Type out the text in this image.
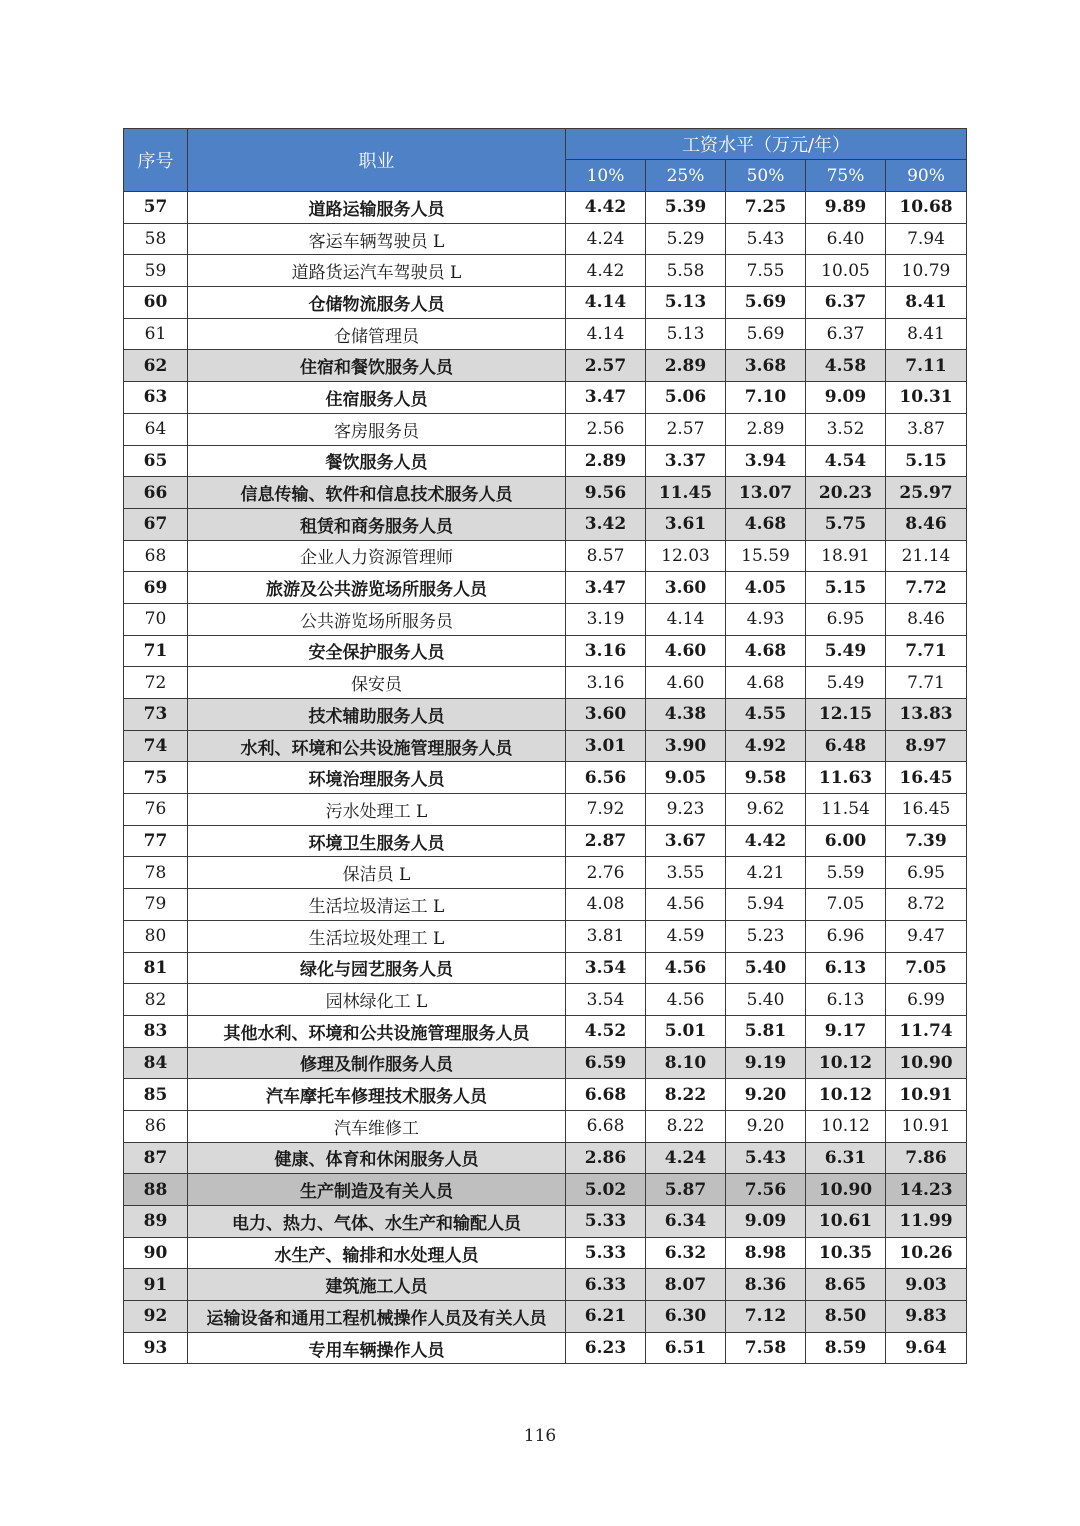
序号	职业	工资水平（万元/年）				
		10%	25%	50%	75%	90%
57	道路运输服务人员	4.42	5.39	7.25	9.89	10.68
58	客运车辆驾驶员 L	4.24	5.29	5.43	6.40	7.94
59	道路货运汽车驾驶员 L	4.42	5.58	7.55	10.05	10.79
60	仓储物流服务人员	4.14	5.13	5.69	6.37	8.41
61	仓储管理员	4.14	5.13	5.69	6.37	8.41
62	住宿和餐饮服务人员	2.57	2.89	3.68	4.58	7.11
63	住宿服务人员	3.47	5.06	7.10	9.09	10.31
64	客房服务员	2.56	2.57	2.89	3.52	3.87
65	餐饮服务人员	2.89	3.37	3.94	4.54	5.15
66	信息传输、软件和信息技术服务人员	9.56	11.45	13.07	20.23	25.97
67	租赁和商务服务人员	3.42	3.61	4.68	5.75	8.46
68	企业人力资源管理师	8.57	12.03	15.59	18.91	21.14
69	旅游及公共游览场所服务人员	3.47	3.60	4.05	5.15	7.72
70	公共游览场所服务员	3.19	4.14	4.93	6.95	8.46
71	安全保护服务人员	3.16	4.60	4.68	5.49	7.71
72	保安员	3.16	4.60	4.68	5.49	7.71
73	技术辅助服务人员	3.60	4.38	4.55	12.15	13.83
74	水利、环境和公共设施管理服务人员	3.01	3.90	4.92	6.48	8.97
75	环境治理服务人员	6.56	9.05	9.58	11.63	16.45
76	污水处理工 L	7.92	9.23	9.62	11.54	16.45
77	环境卫生服务人员	2.87	3.67	4.42	6.00	7.39
78	保洁员 L	2.76	3.55	4.21	5.59	6.95
79	生活垃圾清运工 L	4.08	4.56	5.94	7.05	8.72
80	生活垃圾处理工 L	3.81	4.59	5.23	6.96	9.47
81	绿化与园艺服务人员	3.54	4.56	5.40	6.13	7.05
82	园林绿化工 L	3.54	4.56	5.40	6.13	6.99
83	其他水利、环境和公共设施管理服务人员	4.52	5.01	5.81	9.17	11.74
84	修理及制作服务人员	6.59	8.10	9.19	10.12	10.90
85	汽车摩托车修理技术服务人员	6.68	8.22	9.20	10.12	10.91
86	汽车维修工	6.68	8.22	9.20	10.12	10.91
87	健康、体育和休闲服务人员	2.86	4.24	5.43	6.31	7.86
88	生产制造及有关人员	5.02	5.87	7.56	10.90	14.23
89	电力、热力、气体、水生产和输配人员	5.33	6.34	9.09	10.61	11.99
90	水生产、输排和水处理人员	5.33	6.32	8.98	10.35	10.26
91	建筑施工人员	6.33	8.07	8.36	8.65	9.03
92	运输设备和通用工程机械操作人员及有关人员	6.21	6.30	7.12	8.50	9.83
93	专用车辆操作人员	6.23	6.51	7.58	8.59	9.64
116
